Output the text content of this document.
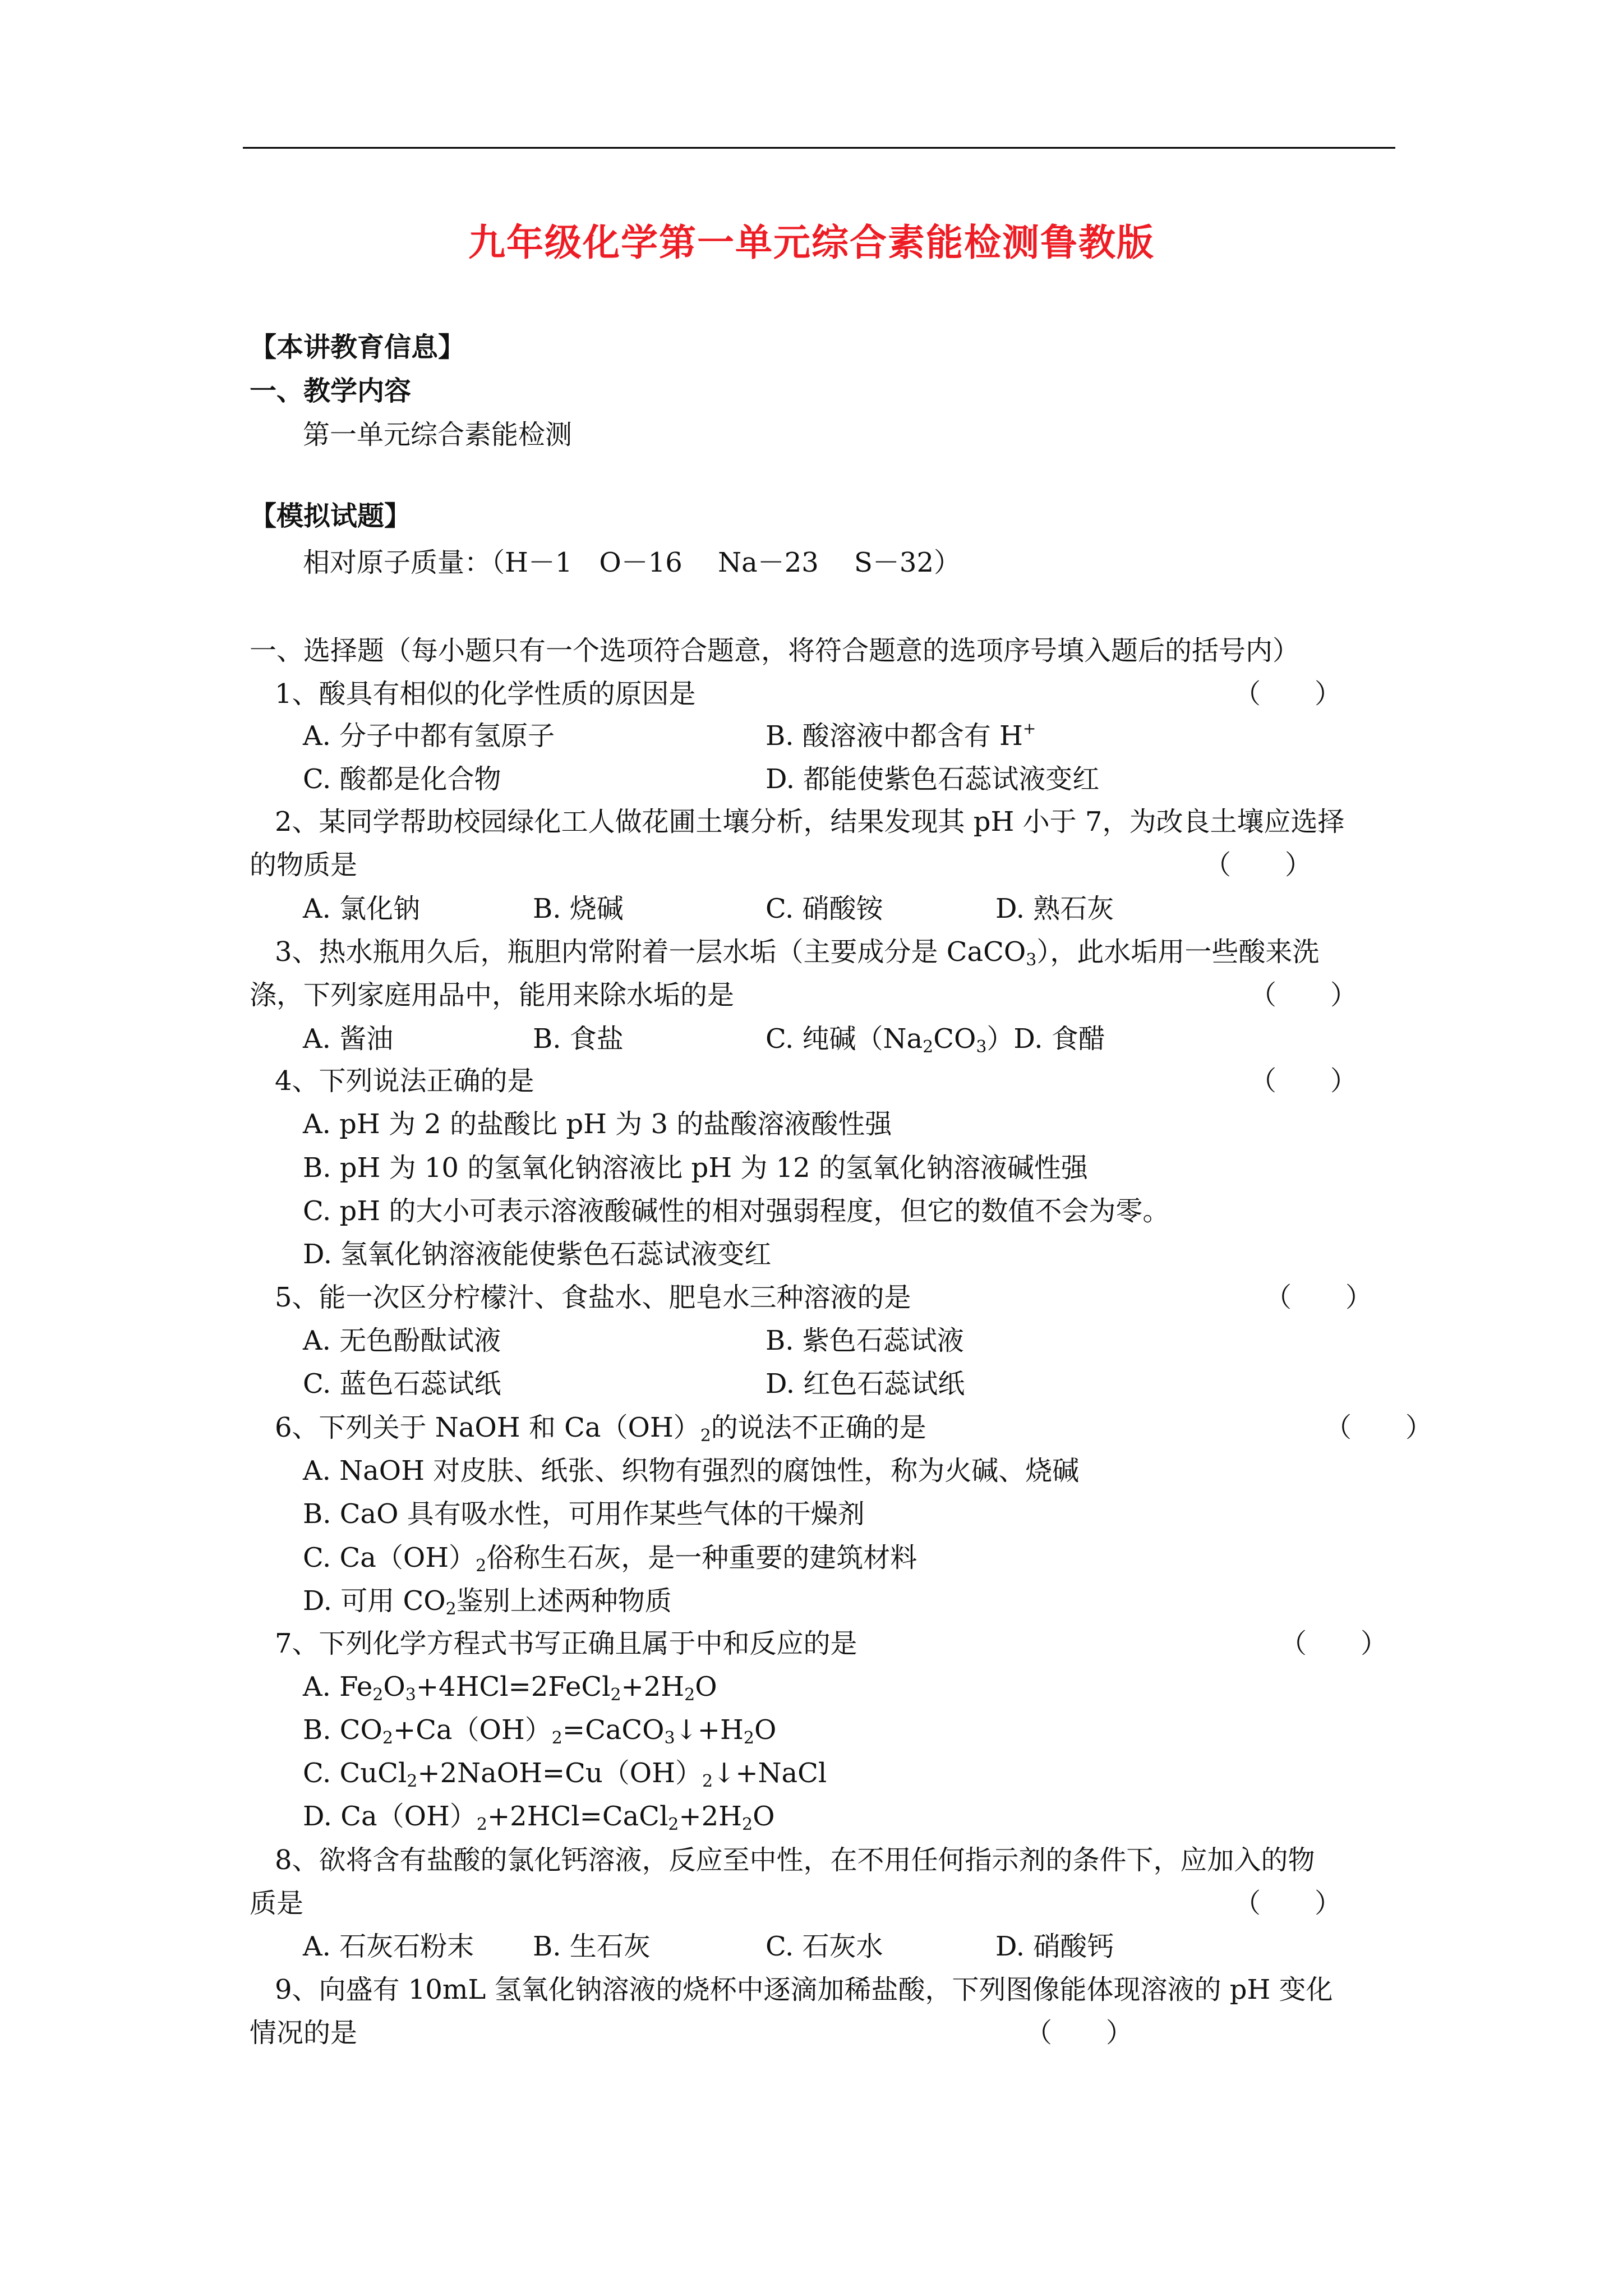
九年级化学第一单元综合素能检测鲁教版
【本讲教育信息】
一、教学内容
第一单元综合素能检测
【模拟试题】
相对原子质量：（H－1　O－16　 Na－23　 S－32）
一、选择题（每小题只有一个选项符合题意，将符合题意的选项序号填入题后的括号内）
1、酸具有相似的化学性质的原因是	（　　）
A. 分子中都有氢原子	B. 酸溶液中都含有 H+
C. 酸都是化合物	D. 都能使紫色石蕊试液变红
2、某同学帮助校园绿化工人做花圃土壤分析，结果发现其 pH 小于 7，为改良土壤应选择
的物质是	（　　）
A. 氯化钠	B. 烧碱	C. 硝酸铵	D. 熟石灰
3、热水瓶用久后，瓶胆内常附着一层水垢（主要成分是 CaCO$_3$），此水垢用一些酸来洗
涤，下列家庭用品中，能用来除水垢的是	（　　）
A. 酱油	B. 食盐	C. 纯碱$(Na_2CO_3)D$. 食醋
4、下列说法正确的是	（　　）
A. pH 为 2 的盐酸比 pH 为 3 的盐酸溶液酸性强
B. pH 为 10 的氢氧化钠溶液比 pH 为 12 的氢氧化钠溶液碱性强
C. pH 的大小可表示溶液酸碱性的相对强弱程度，但它的数值不会为零。
D. 氢氧化钠溶液能使紫色石蕊试液变红
5、能一次区分柠檬汁、食盐水、肥皂水三种溶液的是	（　　）
A. 无色酚酞试液	B. 紫色石蕊试液
C. 蓝色石蕊试纸	D. 红色石蕊试纸
6、下列关于 NaOH 和 $Ca(OH)_2$的说法不正确的是	（　　）
A. NaOH 对皮肤、纸张、织物有强烈的腐蚀性，称为火碱、烧碱
B. CaO 具有吸水性，可用作某些气体的干燥剂
C. $Ca(OH)_2$俗称生石灰，是一种重要的建筑材料
D. 可用 $CO_2$鉴别上述两种物质
7、下列化学方程式书写正确且属于中和反应的是	（　　）
A. $Fe_2O_3+4HCl=2FeCl_2+2H_2O$
B. $CO_2+Ca(OH)_2=CaCO_3↓+H_2O$
C. $CuCl_2+2NaOH=Cu(OH)_2↓+NaCl$
D. $Ca(OH)_2+2HCl=CaCl_2+2H_2O$
8、欲将含有盐酸的氯化钙溶液，反应至中性，在不用任何指示剂的条件下，应加入的物
质是	（　　）
A. 石灰石粉末 B. 生石灰	C. 石灰水	D. 硝酸钙
9、向盛有 10mL 氢氧化钠溶液的烧杯中逐滴加稀盐酸，下列图像能体现溶液的 pH 变化
情况的是	（　　）
